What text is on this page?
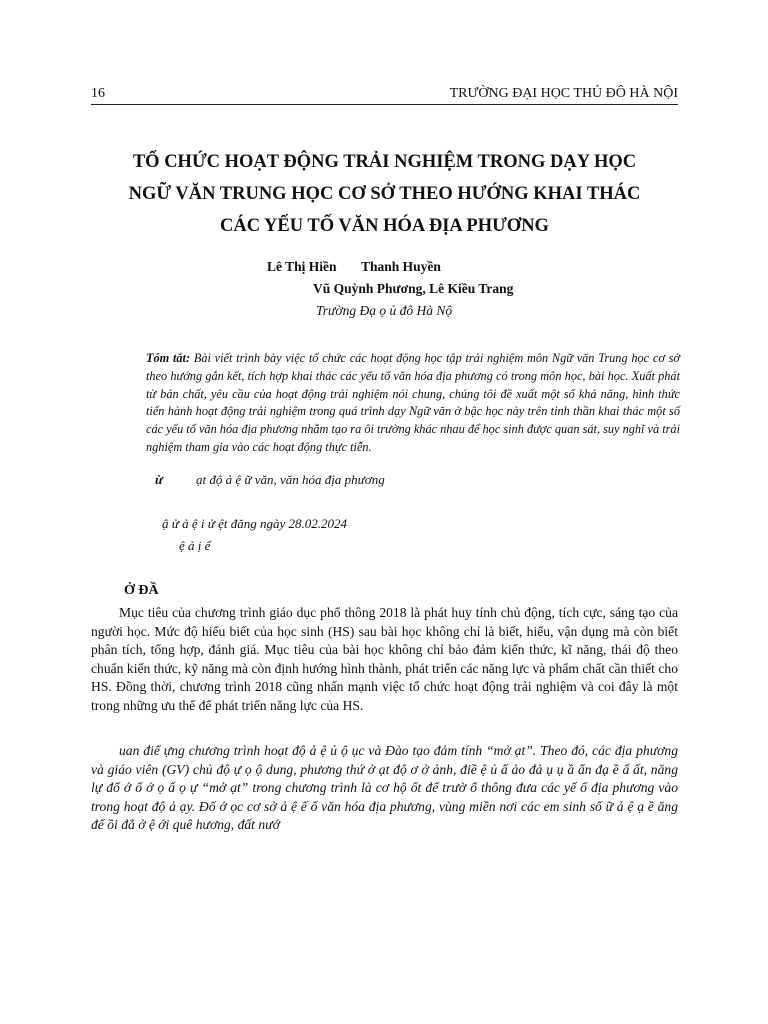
16	TRƯỜNG ĐẠI HỌC THỦ ĐÔ HÀ NỘI
TỔ CHỨC HOẠT ĐỘNG TRẢI NGHIỆM TRONG DẠY HỌC
NGỮ VĂN TRUNG HỌC CƠ SỞ THEO HƯỚNG KHAI THÁC
CÁC YẾU TỐ VĂN HÓA ĐỊA PHƯƠNG
Lê Thị Hiền Thanh Huyền
Vũ Quỳnh Phương, Lê Kiều Trang
Trường Đạ ọ ủ đô Hà Nộ
Tóm tắt: Bài viết trình bày việc tổ chức các hoạt động học tập trải nghiệm môn Ngữ văn Trung học cơ sở theo hướng gắn kết, tích hợp khai thác các yếu tố văn hóa địa phương có trong môn học, bài học. Xuất phát từ bản chất, yêu cầu của hoạt động trải nghiệm nói chung, chúng tôi đề xuất một số khả năng, hình thức tiến hành hoạt động trải nghiệm trong quá trình dạy Ngữ văn ở bậc học này trên tinh thần khai thác một số các yếu tố văn hóa địa phương nhằm tạo ra ôi trường khác nhau để học sinh được quan sát, suy nghĩ và trải nghiệm tham gia vào các hoạt động thực tiễn.
ừ	ạt độ ả ệ ữ văn, văn hóa địa phương
ậ ử ả ệ i ử ệt đăng ngày 28.02.2024
ệ ả ị ể
Ở ĐẦ
Mục tiêu của chương trình giáo dục phổ thông 2018 là phát huy tính chủ động, tích cực, sáng tạo của người học. Mức độ hiểu biết của học sinh (HS) sau bài học không chỉ là biết, hiểu, vận dụng mà còn biết phân tích, tổng hợp, đánh giá. Mục tiêu của bài học không chỉ bảo đảm kiến thức, kĩ năng, thái độ theo chuẩn kiến thức, kỹ năng mà còn định hướng hình thành, phát triển các năng lực và phẩm chất cần thiết cho HS. Đồng thời, chương trình 2018 cũng nhấn mạnh việc tổ chức hoạt động trải nghiệm và coi đây là một trong những ưu thế để phát triển năng lực của HS.
uan điể ựng chương trình hoạt độ ả ệ ủ ộ ục và Đào tạo đảm tính “mở ạt”. Theo đó, các địa phương và giáo viên (GV) chủ độ ự ọ ộ dung, phương thứ ở ạt độ ơ ở ảnh, điề ệ ủ ấ ảo đả ụ ụ ầ ẩn đạ ề ấ ất, năng lự đổ ớ ổ ớ ọ ấ ọ ự “mở ạt” trong chương trình là cơ hộ ốt để trườ ổ thông đưa các yế ố địa phương vào trong hoạt độ ả ạy. Đố ớ ọc cơ sở ả ệ ế ố văn hóa địa phương, vùng miền nơi các em sinh số ữ ả ệ ạ ề ăng để ồi đắ ở ệ ới quê hương, đất nướ
